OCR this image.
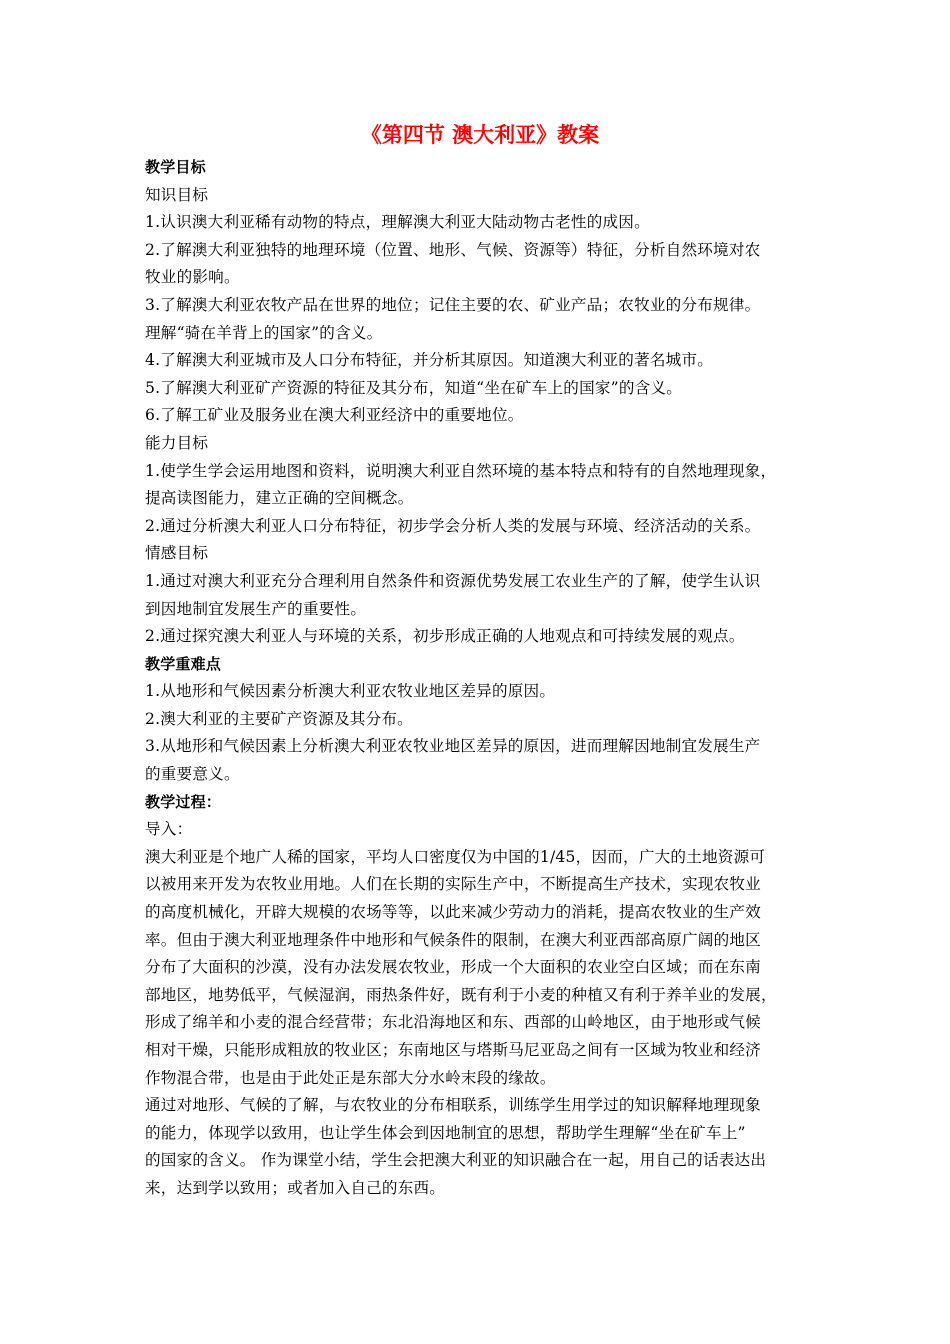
《第四节 澳大利亚》教案
教学目标
知识目标
1.认识澳大利亚稀有动物的特点，理解澳大利亚大陆动物古老性的成因。
2.了解澳大利亚独特的地理环境（位置、地形、气候、资源等）特征，分析自然环境对农
牧业的影响。
3.了解澳大利亚农牧产品在世界的地位；记住主要的农、矿业产品；农牧业的分布规律。
理解“骑在羊背上的国家”的含义。
4.了解澳大利亚城市及人口分布特征，并分析其原因。知道澳大利亚的著名城市。
5.了解澳大利亚矿产资源的特征及其分布，知道“坐在矿车上的国家”的含义。
6.了解工矿业及服务业在澳大利亚经济中的重要地位。
能力目标
1.使学生学会运用地图和资料，说明澳大利亚自然环境的基本特点和特有的自然地理现象，
提高读图能力，建立正确的空间概念。
2.通过分析澳大利亚人口分布特征，初步学会分析人类的发展与环境、经济活动的关系。
情感目标
1.通过对澳大利亚充分合理利用自然条件和资源优势发展工农业生产的了解，使学生认识
到因地制宜发展生产的重要性。
2.通过探究澳大利亚人与环境的关系，初步形成正确的人地观点和可持续发展的观点。
教学重难点
1.从地形和气候因素分析澳大利亚农牧业地区差异的原因。
2.澳大利亚的主要矿产资源及其分布。
3.从地形和气候因素上分析澳大利亚农牧业地区差异的原因，进而理解因地制宜发展生产
的重要意义。
教学过程：
导入：
澳大利亚是个地广人稀的国家，平均人口密度仅为中国的1/45，因而，广大的土地资源可
以被用来开发为农牧业用地。人们在长期的实际生产中，不断提高生产技术，实现农牧业
的高度机械化，开辟大规模的农场等等，以此来减少劳动力的消耗，提高农牧业的生产效
率。但由于澳大利亚地理条件中地形和气候条件的限制，在澳大利亚西部高原广阔的地区
分布了大面积的沙漠，没有办法发展农牧业，形成一个大面积的农业空白区域；而在东南
部地区，地势低平，气候湿润，雨热条件好，既有利于小麦的种植又有利于养羊业的发展，
形成了绵羊和小麦的混合经营带；东北沿海地区和东、西部的山岭地区，由于地形或气候
相对干燥，只能形成粗放的牧业区；东南地区与塔斯马尼亚岛之间有一区域为牧业和经济
作物混合带，也是由于此处正是东部大分水岭末段的缘故。
通过对地形、气候的了解，与农牧业的分布相联系，训练学生用学过的知识解释地理现象
的能力，体现学以致用，也让学生体会到因地制宜的思想，帮助学生理解“坐在矿车上”
的国家的含义。 作为课堂小结，学生会把澳大利亚的知识融合在一起，用自己的话表达出
来，达到学以致用；或者加入自己的东西。
